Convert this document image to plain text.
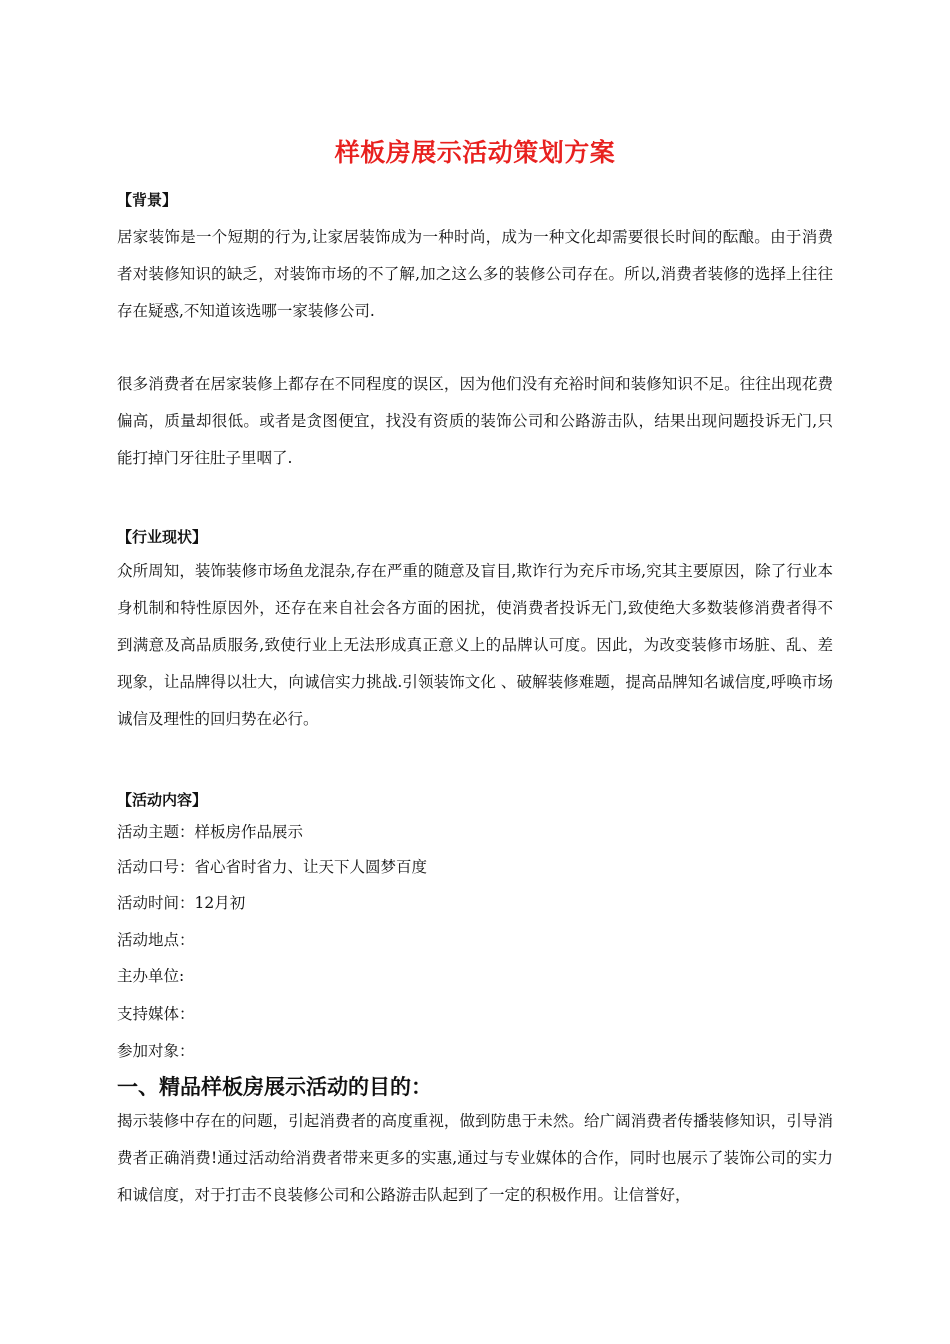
样板房展示活动策划方案
【背景】
居家装饰是一个短期的行为,让家居装饰成为一种时尚，成为一种文化却需要很长时间的酝酿。由于消费者对装修知识的缺乏，对装饰市场的不了解,加之这么多的装修公司存在。所以,消费者装修的选择上往往存在疑惑,不知道该选哪一家装修公司.
很多消费者在居家装修上都存在不同程度的误区，因为他们没有充裕时间和装修知识不足。往往出现花费偏高，质量却很低。或者是贪图便宜，找没有资质的装饰公司和公路游击队，结果出现问题投诉无门,只能打掉门牙往肚子里咽了.
【行业现状】
众所周知，装饰装修市场鱼龙混杂,存在严重的随意及盲目,欺诈行为充斥市场,究其主要原因，除了行业本身机制和特性原因外，还存在来自社会各方面的困扰，使消费者投诉无门,致使绝大多数装修消费者得不到满意及高品质服务,致使行业上无法形成真正意义上的品牌认可度。因此，为改变装修市场脏、乱、差现象，让品牌得以壮大，向诚信实力挑战.引领装饰文化 、破解装修难题，提高品牌知名诚信度,呼唤市场诚信及理性的回归势在必行。
【活动内容】
活动主题：样板房作品展示
活动口号：省心省时省力、让天下人圆梦百度
活动时间：12月初
活动地点：
主办单位:
支持媒体：
参加对象：
一、精品样板房展示活动的目的：
揭示装修中存在的问题，引起消费者的高度重视，做到防患于未然。给广阔消费者传播装修知识，引导消费者正确消费!通过活动给消费者带来更多的实惠,通过与专业媒体的合作，同时也展示了装饰公司的实力和诚信度，对于打击不良装修公司和公路游击队起到了一定的积极作用。让信誉好，
